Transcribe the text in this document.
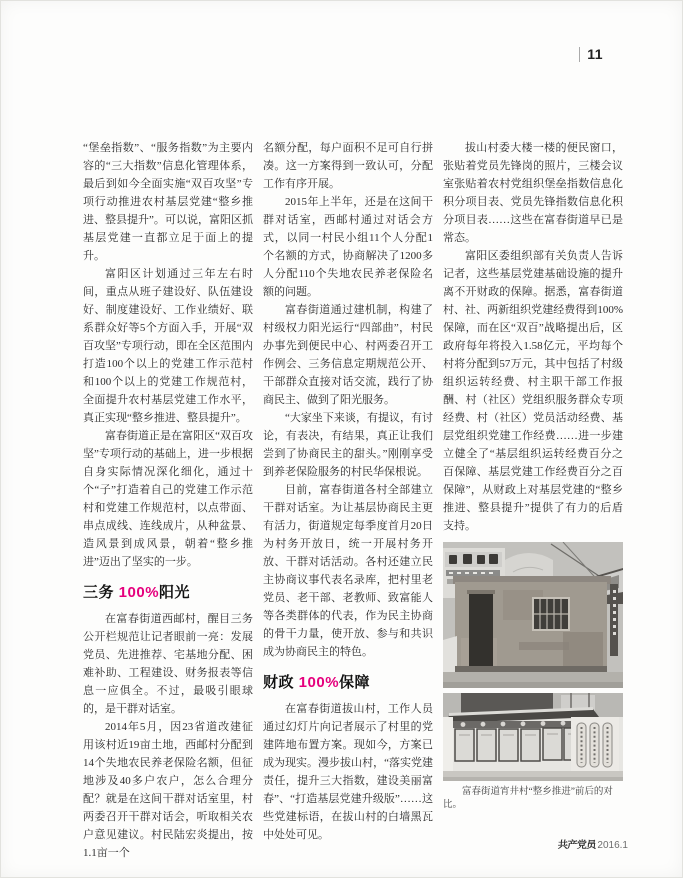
11

“堡垒指数”、“服务指数”为主要内容的“三大指数”信息化管理体系，最后到如今全面实施“双百攻坚”专项行动推进农村基层党建“整乡推进、整县提升”。可以说，富阳区抓基层党建一直都立足于面上的提升。

富阳区计划通过三年左右时间，重点从班子建设好、队伍建设好、制度建设好、工作业绩好、联系群众好等5个方面入手，开展“双百攻坚”专项行动，即在全区范围内打造100个以上的党建工作示范村和100个以上的党建工作规范村，全面提升农村基层党建工作水平，真正实现“整乡推进、整县提升”。

富春街道正是在富阳区“双百攻坚”专项行动的基础上，进一步根据自身实际情况深化细化，通过十个“子”打造着自己的党建工作示范村和党建工作规范村，以点带面、串点成线、连线成片，从种盆景、造风景到成风景，朝着“整乡推进”迈出了坚实的一步。

三务 100%阳光

在富春街道西邮村，醒目三务公开栏规范让记者眼前一亮：发展党员、先进推荐、宅基地分配、困难补助、工程建设、财务报表等信息一应俱全。不过，最吸引眼球的，是干群对话室。

2014年5月，因23省道改建征用该村近19亩土地，西邮村分配到14个失地农民养老保险名额，但征地涉及40多户农户，怎么合理分配？就是在这间干群对话室里，村两委召开干群对话会，听取相关农户意见建议。村民陆宏炎提出，按1.1亩一个

名额分配，每户面积不足可自行拼凑。这一方案得到一致认可，分配工作有序开展。

2015年上半年，还是在这间干群对话室，西邮村通过对话会方式，以同一村民小组11个人分配1个名额的方式，协商解决了1200多人分配110个失地农民养老保险名额的问题。

富春街道通过建机制，构建了村级权力阳光运行“四部曲”，村民办事先到便民中心、村两委召开工作例会、三务信息定期规范公开、干部群众直接对话交流，践行了协商民主、做到了阳光服务。

“大家坐下来谈，有提议，有讨论，有表决，有结果，真正让我们尝到了协商民主的甜头。”刚刚享受到养老保险服务的村民华保根说。

目前，富春街道各村全部建立干群对话室。为让基层协商民主更有活力，街道规定每季度首月20日为村务开放日，统一开展村务开放、干群对话活动。各村还建立民主协商议事代表名录库，把村里老党员、老干部、老教师、致富能人等各类群体的代表，作为民主协商的骨干力量，使开放、参与和共识成为协商民主的特色。

财政 100%保障

在富春街道拔山村，工作人员通过幻灯片向记者展示了村里的党建阵地布置方案。现如今，方案已成为现实。漫步拔山村，“落实党建责任，提升三大指数，建设美丽富春”、“打造基层党建升级版”……这些党建标语，在拔山村的白墙黑瓦中处处可见。

拔山村委大楼一楼的便民窗口，张贴着党员先锋岗的照片，三楼会议室张贴着农村党组织堡垒指数信息化积分项目表、党员先锋指数信息化积分项目表……这些在富春街道早已是常态。

富阳区委组织部有关负责人告诉记者，这些基层党建基础设施的提升离不开财政的保障。据悉，富春街道村、社、两新组织党建经费得到100%保障，而在区“双百”战略提出后，区政府每年将投入1.58亿元，平均每个村将分配到57万元，其中包括了村级组织运转经费、村主职干部工作报酬、村（社区）党组织服务群众专项经费、村（社区）党员活动经费、基层党组织党建工作经费……进一步建立健全了“基层组织运转经费百分之百保障、基层党建工作经费百分之百保障”，从财政上对基层党建的“整乡推进、整县提升”提供了有力的后盾支持。

富春街道宵井村“整乡推进”前后的对比。

共产党员 2016.1
